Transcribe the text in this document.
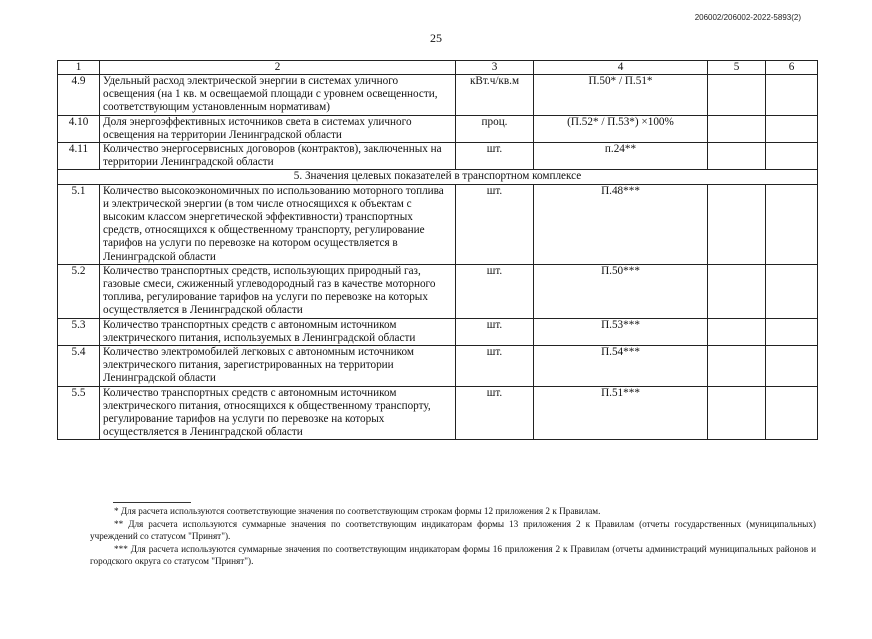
206002/206002-2022-5893(2)
25
1	2	3	4	5	6
4.9	Удельный расход электрической энергии в системах уличного освещения (на 1 кв. м освещаемой площади с уровнем освещенности, соответствующим установленным нормативам)	кВт.ч/кв.м	П.50* / П.51*		
4.10	Доля энергоэффективных источников света в системах уличного освещения на территории Ленинградской области	проц.	(П.52* / П.53*) ×100%		
4.11	Количество энергосервисных договоров (контрактов), заключенных на территории Ленинградской области	шт.	п.24**		
5. Значения целевых показателей в транспортном комплексе					
5.1	Количество высокоэкономичных по использованию моторного топлива и электрической энергии (в том числе относящихся к объектам с высоким классом энергетической эффективности) транспортных средств, относящихся к общественному транспорту, регулирование тарифов на услуги по перевозке на котором осуществляется в Ленинградской области	шт.	П.48***		
5.2	Количество транспортных средств, использующих природный газ, газовые смеси, сжиженный углеводородный газ в качестве моторного топлива, регулирование тарифов на услуги по перевозке на которых осуществляется в Ленинградской области	шт.	П.50***		
5.3	Количество транспортных средств с автономным источником электрического питания, используемых в Ленинградской области	шт.	П.53***		
5.4	Количество электромобилей легковых с автономным источником электрического питания, зарегистрированных на территории Ленинградской области	шт.	П.54***		
5.5	Количество транспортных средств с автономным источником электрического питания, относящихся к общественному транспорту, регулирование тарифов на услуги по перевозке на которых осуществляется в Ленинградской области	шт.	П.51***		

* Для расчета используются соответствующие значения по соответствующим строкам формы 12 приложения 2 к Правилам.

** Для расчета используются суммарные значения по соответствующим индикаторам формы 13 приложения 2 к Правилам (отчеты государственных (муниципальных) учреждений со статусом "Принят").

*** Для расчета используются суммарные значения по соответствующим индикаторам формы 16 приложения 2 к Правилам (отчеты администраций муниципальных районов и городского округа со статусом "Принят").
